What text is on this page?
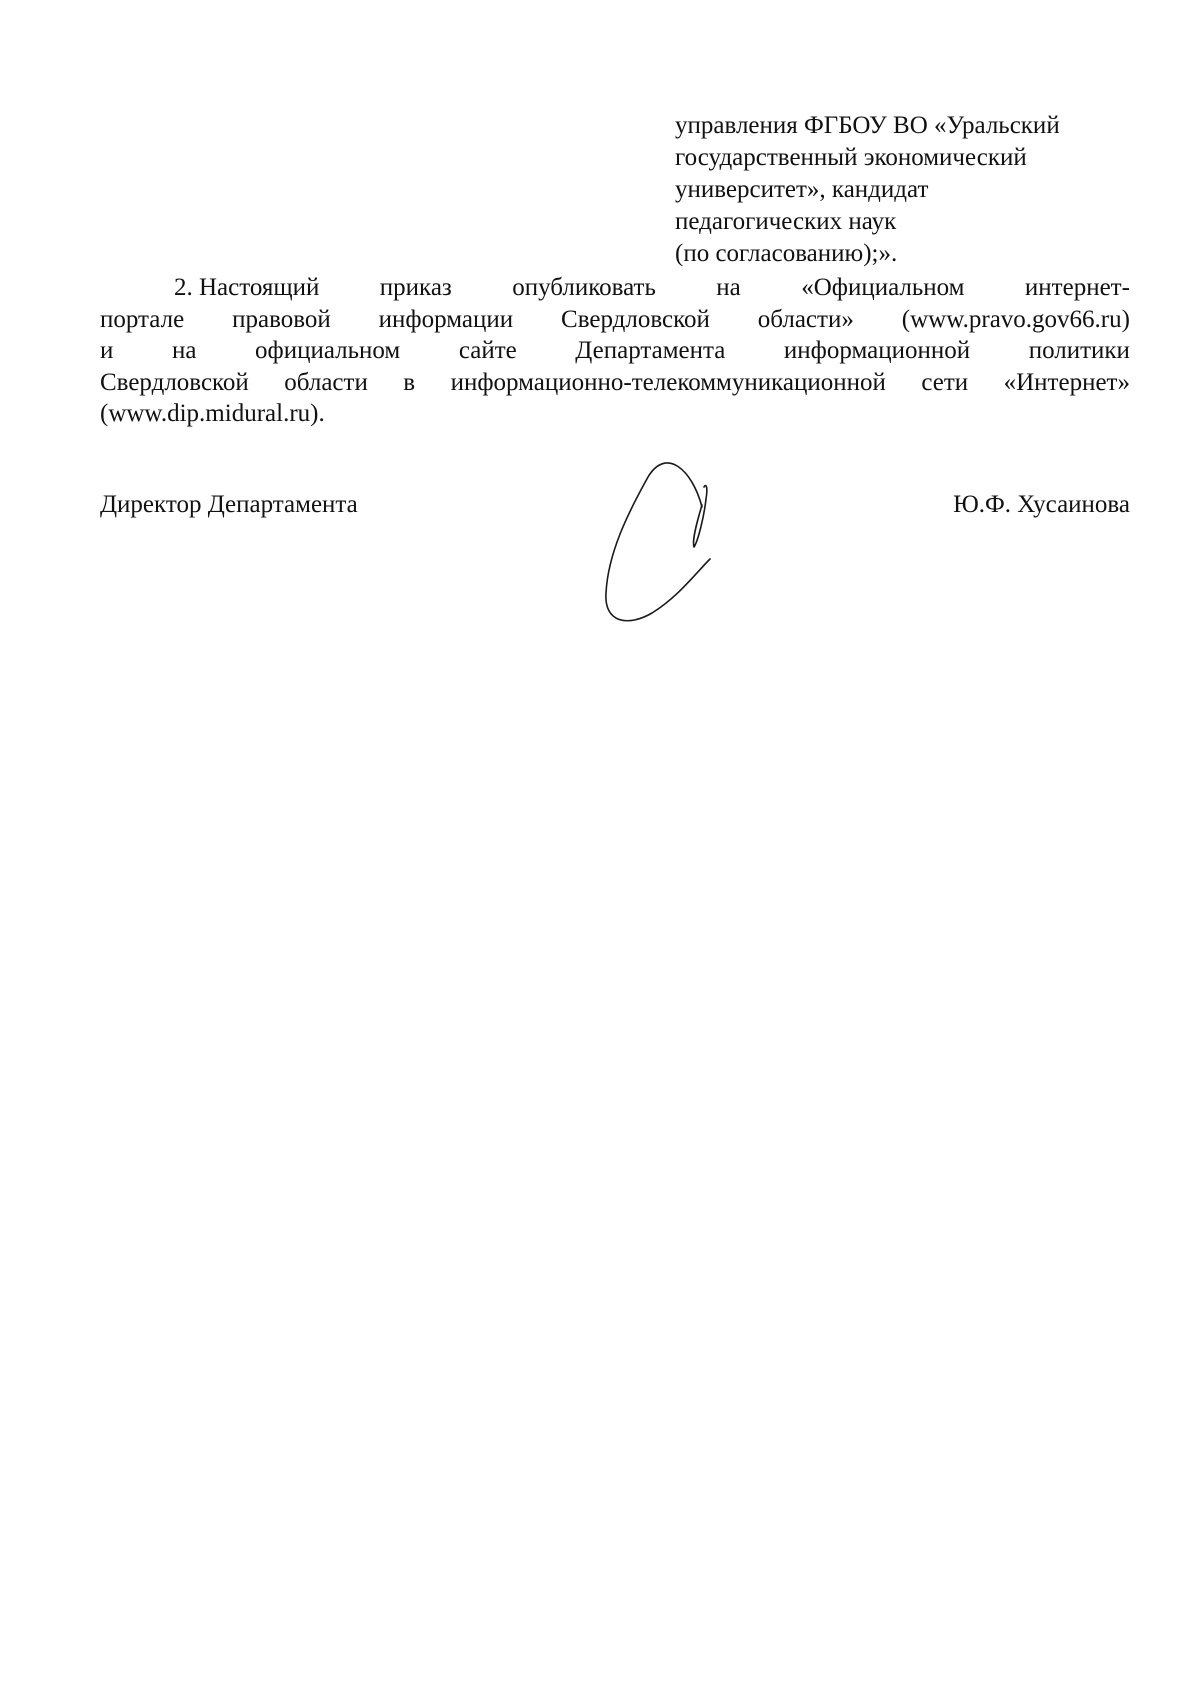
управления ФГБОУ ВО «Уральский
государственный экономический
университет», кандидат
педагогических наук
(по согласованию);».
2. Настоящий приказ опубликовать на «Официальном интернет-
портале правовой информации Свердловской области» (www.pravo.gov66.ru)
и на официальном сайте Департамента информационной политики
Свердловской области в информационно-телекоммуникационной сети «Интернет»
(www.dip.midural.ru).
Директор Департамента	Ю.Ф. Хусаинова
